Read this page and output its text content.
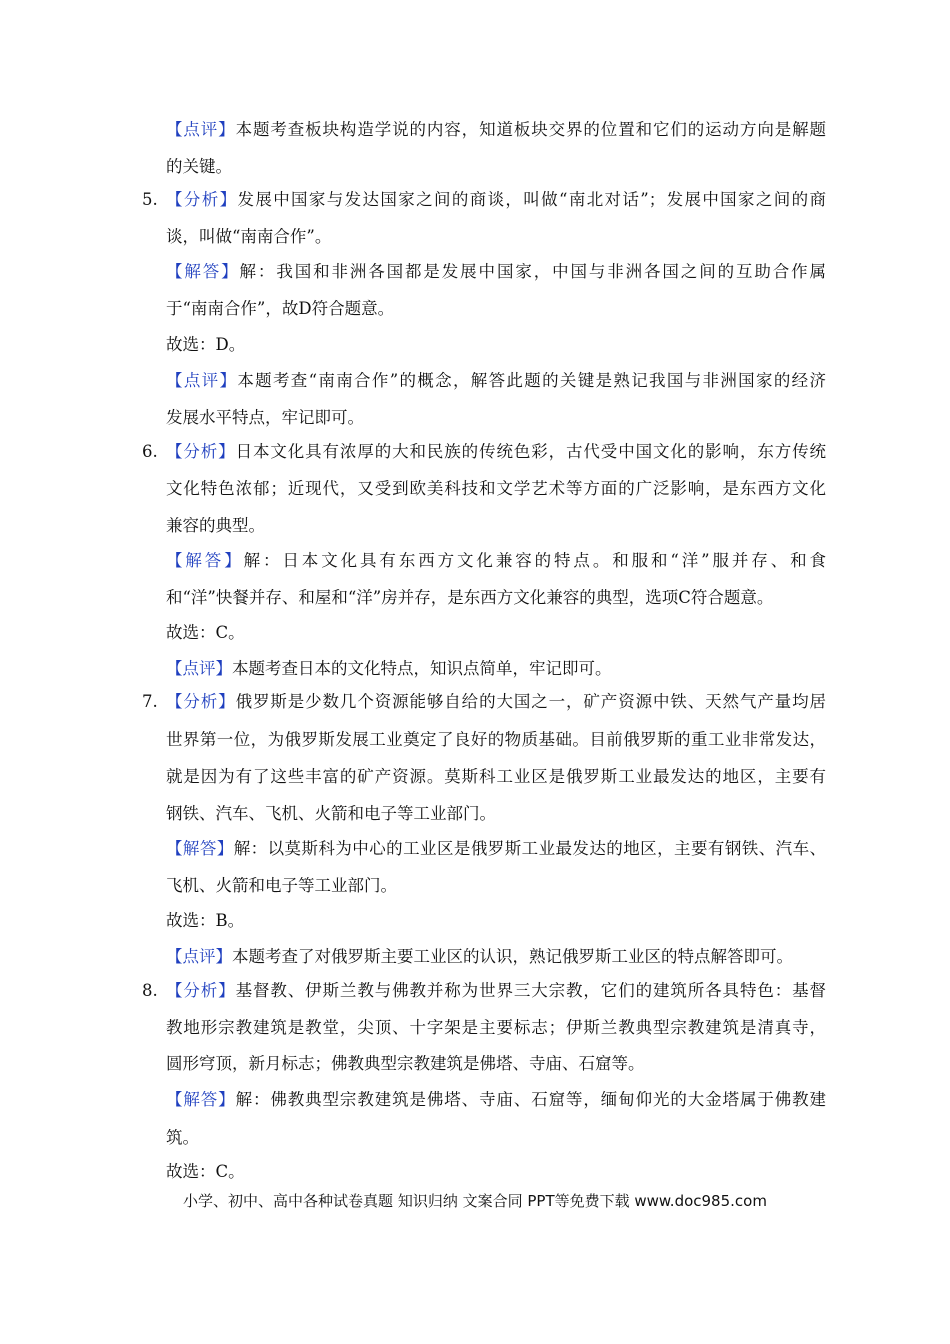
【点评】本题考查板块构造学说的内容，知道板块交界的位置和它们的运动方向是解题
的关键。
5. 【分析】发展中国家与发达国家之间的商谈，叫做“南北对话”；发展中国家之间的商
谈，叫做“南南合作”。
【解答】解：我国和非洲各国都是发展中国家，中国与非洲各国之间的互助合作属
于“南南合作”，故D符合题意。
故选：D。
【点评】本题考查“南南合作”的概念，解答此题的关键是熟记我国与非洲国家的经济
发展水平特点，牢记即可。
6. 【分析】日本文化具有浓厚的大和民族的传统色彩，古代受中国文化的影响，东方传统
文化特色浓郁；近现代，又受到欧美科技和文学艺术等方面的广泛影响，是东西方文化
兼容的典型。
【解答】解：日本文化具有东西方文化兼容的特点。和服和“洋”服并存、和食
和“洋”快餐并存、和屋和“洋”房并存，是东西方文化兼容的典型，选项C符合题意。
故选：C。
【点评】本题考查日本的文化特点，知识点简单，牢记即可。
7. 【分析】俄罗斯是少数几个资源能够自给的大国之一，矿产资源中铁、天然气产量均居
世界第一位，为俄罗斯发展工业奠定了良好的物质基础。目前俄罗斯的重工业非常发达，
就是因为有了这些丰富的矿产资源。莫斯科工业区是俄罗斯工业最发达的地区，主要有
钢铁、汽车、飞机、火箭和电子等工业部门。
【解答】解：以莫斯科为中心的工业区是俄罗斯工业最发达的地区，主要有钢铁、汽车、
飞机、火箭和电子等工业部门。
故选：B。
【点评】本题考查了对俄罗斯主要工业区的认识，熟记俄罗斯工业区的特点解答即可。
8. 【分析】基督教、伊斯兰教与佛教并称为世界三大宗教，它们的建筑所各具特色：基督
教地形宗教建筑是教堂，尖顶、十字架是主要标志；伊斯兰教典型宗教建筑是清真寺，
圆形穹顶，新月标志；佛教典型宗教建筑是佛塔、寺庙、石窟等。
【解答】解：佛教典型宗教建筑是佛塔、寺庙、石窟等，缅甸仰光的大金塔属于佛教建
筑。
故选：C。
小学、初中、高中各种试卷真题 知识归纳 文案合同 PPT等免费下载 www.doc985.com
